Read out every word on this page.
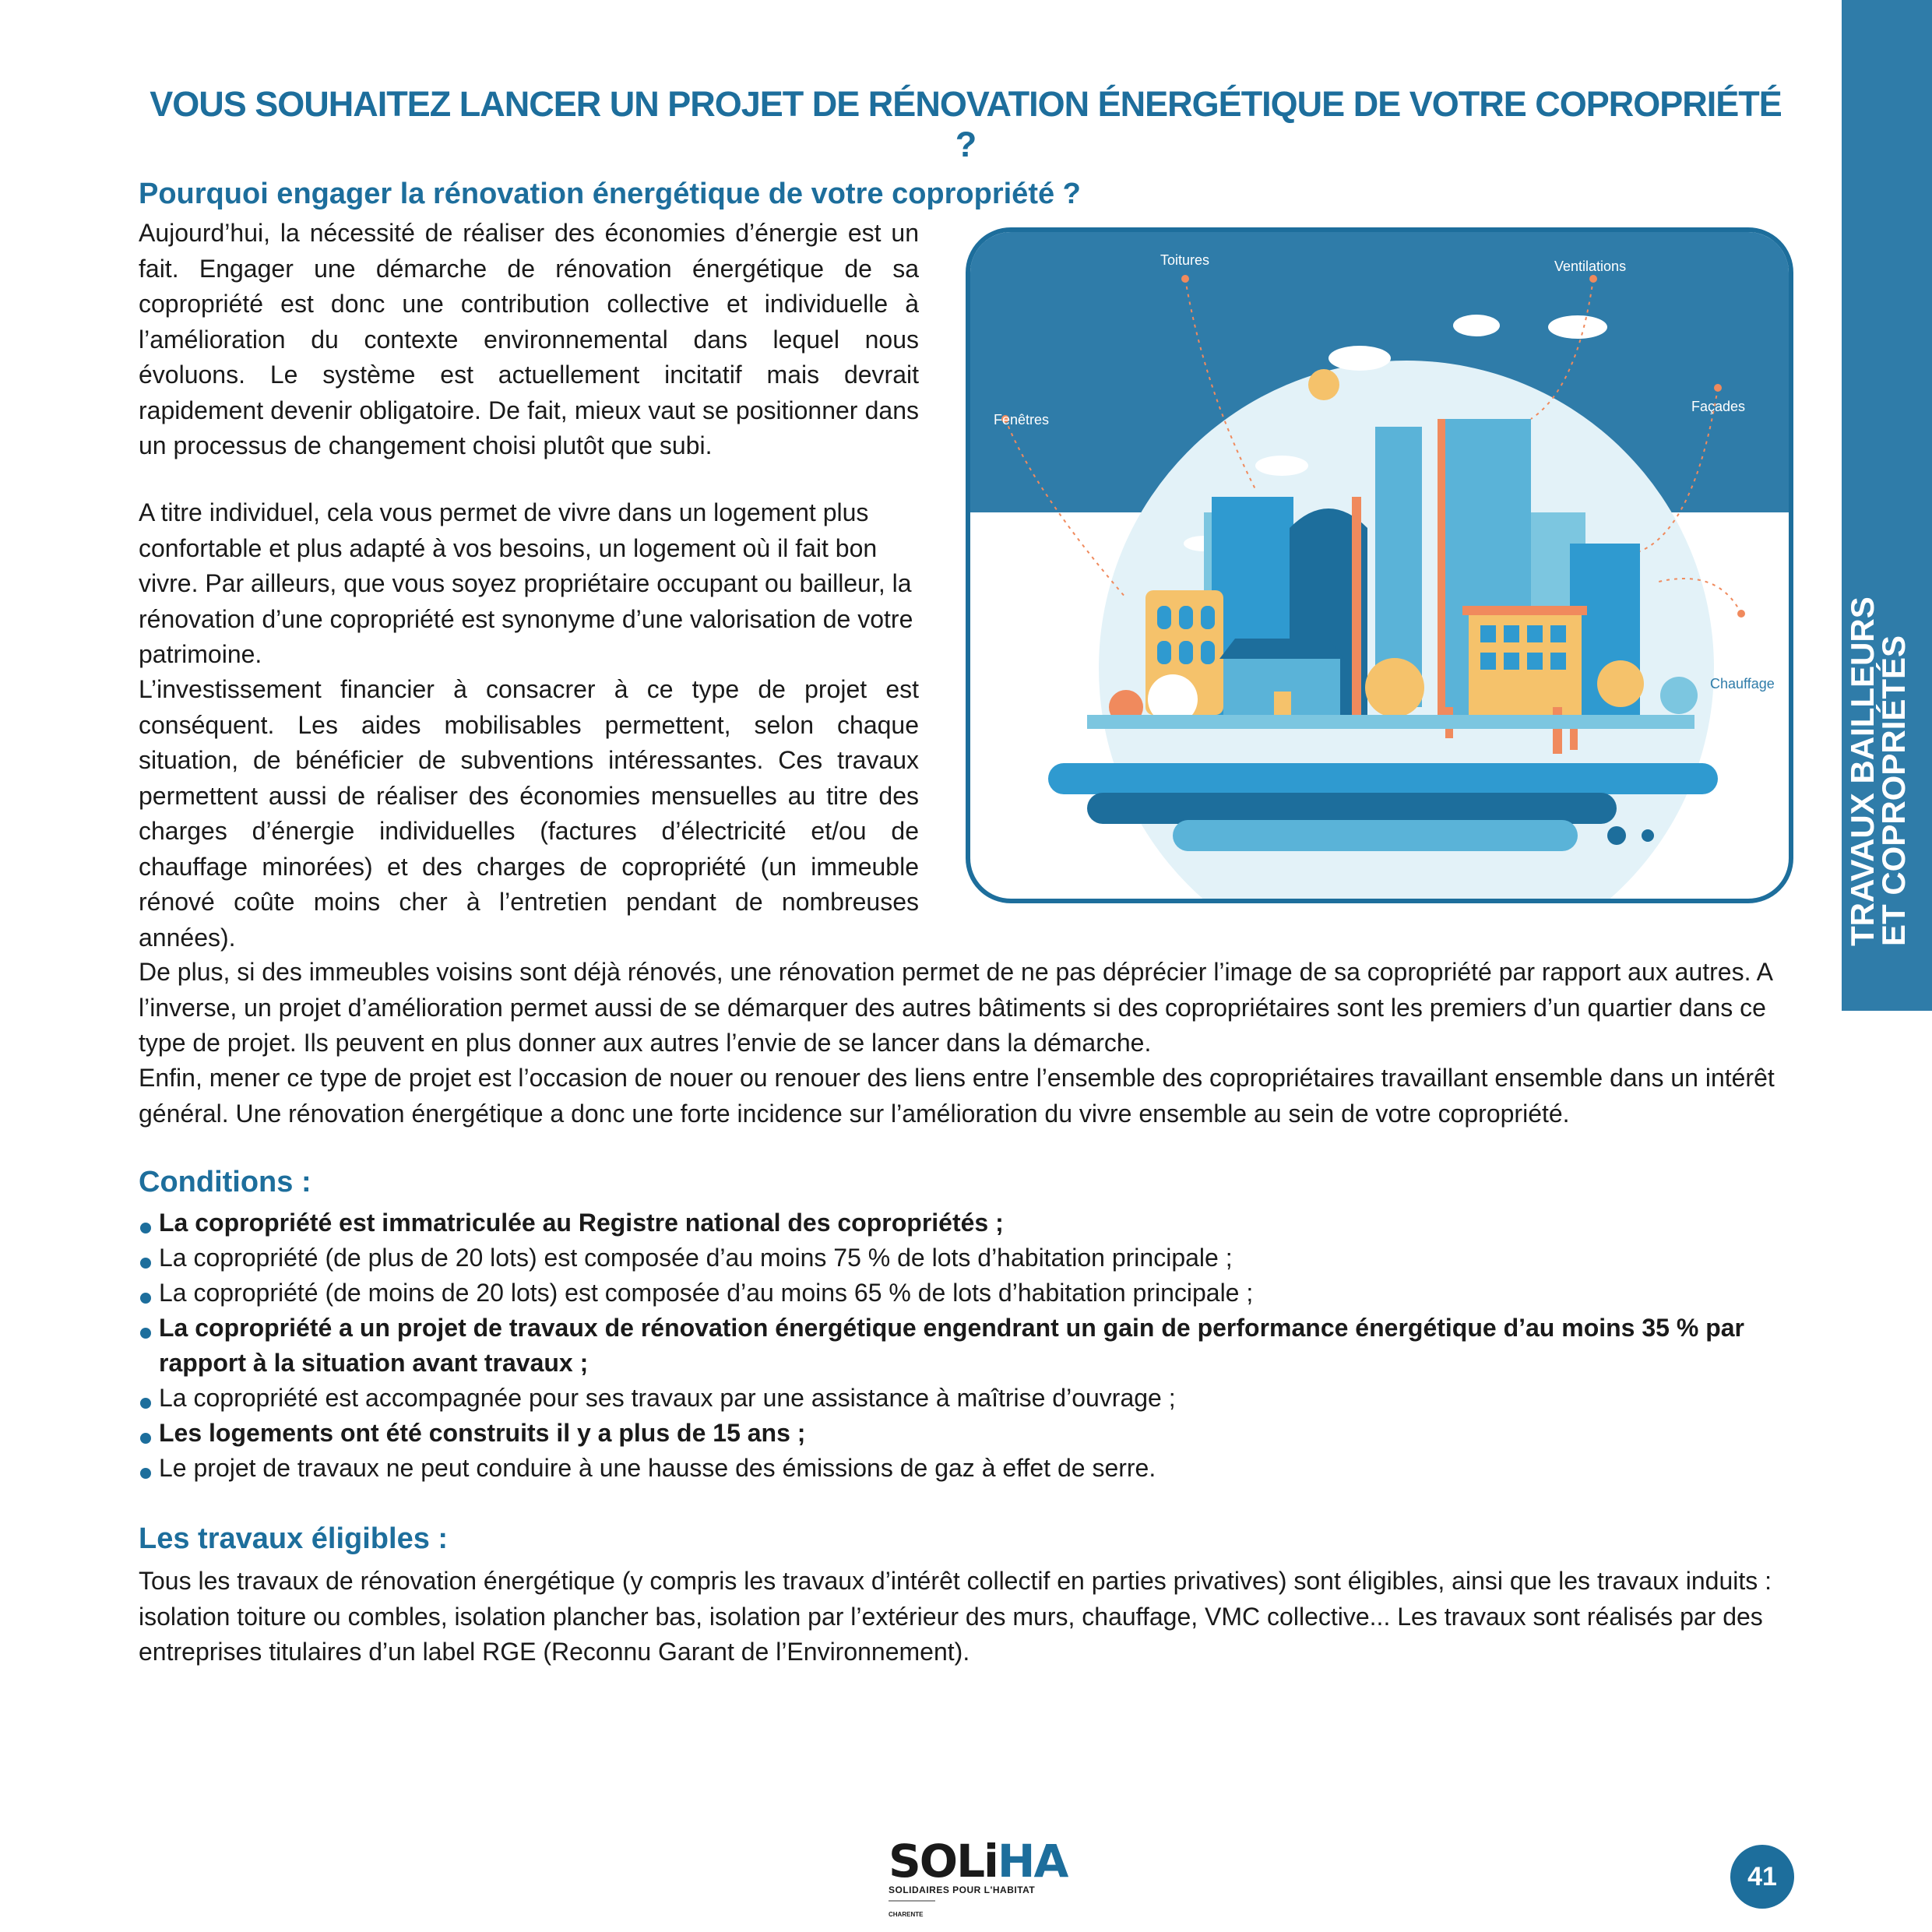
VOUS SOUHAITEZ LANCER UN PROJET DE RÉNOVATION ÉNERGÉTIQUE DE VOTRE COPROPRIÉTÉ ?
TRAVAUX BAILLEURS
ET COPROPRIÉTÉS
Pourquoi engager la rénovation énergétique de votre copropriété ?

Aujourd’hui, la nécessité de réaliser des économies d’énergie est un fait. Engager une démarche de rénovation énergétique de sa copropriété est donc une contribution collective et individuelle à l’amélioration du contexte environnemental dans lequel nous évoluons. Le système est actuellement incitatif mais devrait rapidement devenir obligatoire. De fait, mieux vaut se positionner dans un processus de changement choisi plutôt que subi.

A titre individuel, cela vous permet de vivre dans un logement plus confortable et plus adapté à vos besoins, un logement où il fait bon vivre. Par ailleurs, que vous soyez propriétaire occupant ou bailleur, la rénovation d’une copropriété est synonyme d’une valorisation de votre patrimoine.

L’investissement financier à consacrer à ce type de projet est conséquent. Les aides mobilisables permettent, selon chaque situation, de bénéficier de subventions intéressantes. Ces travaux permettent aussi de réaliser des économies mensuelles au titre des charges d’énergie individuelles (factures d’électricité et/ou de chauffage minorées) et des charges de copropriété (un immeuble rénové coûte moins cher à l’entretien pendant de nombreuses années).

De plus, si des immeubles voisins sont déjà rénovés, une rénovation permet de ne pas déprécier l’image de sa copropriété par rapport aux autres. A l’inverse, un projet d’amélioration permet aussi de se démarquer des autres bâtiments si des copropriétaires sont les premiers d’un quartier dans ce type de projet. Ils peuvent en plus donner aux autres l’envie de se lancer dans la démarche.

Enfin, mener ce type de projet est l’occasion de nouer ou renouer des liens entre l’ensemble des copropriétaires travaillant ensemble dans un intérêt général. Une rénovation énergétique a donc une forte incidence sur l’amélioration du vivre ensemble au sein de votre copropriété.

Toitures	Ventilations
Fenêtres
Façades
Chauffage
Conditions :
La copropriété est immatriculée au Registre national des copropriétés ;
La copropriété (de plus de 20 lots) est composée d’au moins 75 % de lots d’habitation principale ;
La copropriété (de moins de 20 lots) est composée d’au moins 65 % de lots d’habitation principale ;
La copropriété a un projet de travaux de rénovation énergétique engendrant un gain de performance énergétique d’au moins 35 % par rapport à la situation avant travaux ;
La copropriété est accompagnée pour ses travaux par une assistance à maîtrise d’ouvrage ;
Les logements ont été construits il y a plus de 15 ans ;
Le projet de travaux ne peut conduire à une hausse des émissions de gaz à effet de serre.
Les travaux éligibles :

Tous les travaux de rénovation énergétique (y compris les travaux d’intérêt collectif en parties privatives) sont éligibles, ainsi que les travaux induits : isolation toiture ou combles, isolation plancher bas, isolation par l’extérieur des murs, chauffage, VMC collective... Les travaux sont réalisés par des entreprises titulaires d’un label RGE (Reconnu Garant de l’Environnement).

SOLiHA
SOLIDAIRES POUR L'HABITAT
CHARENTE
41
